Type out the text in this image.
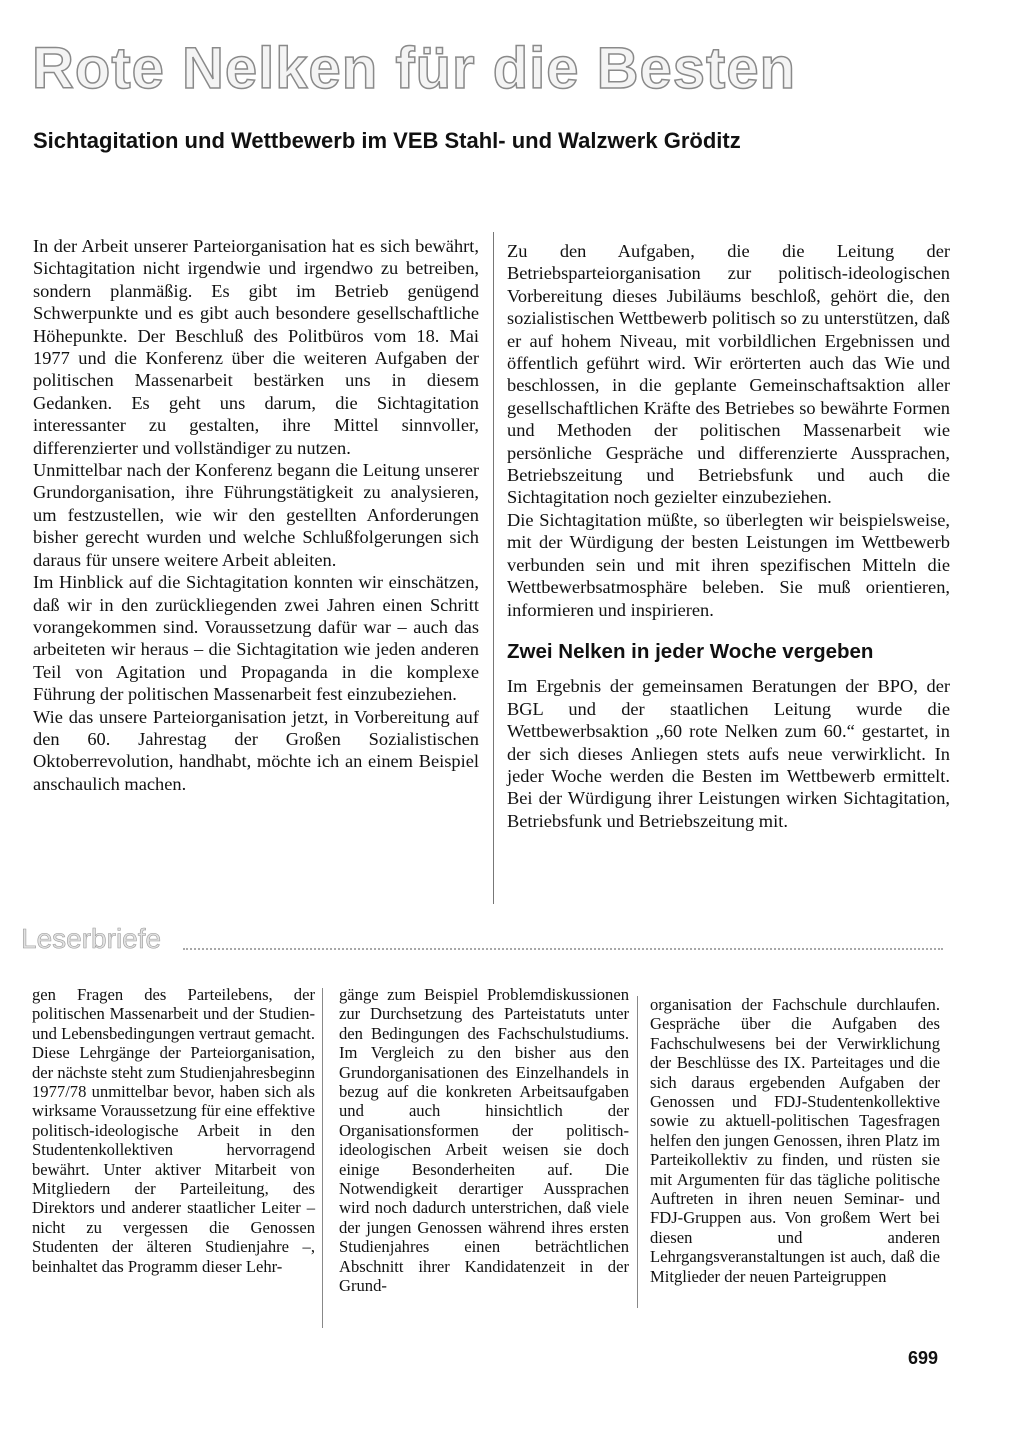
Rote Nelken für die Besten
Sichtagitation und Wettbewerb im VEB Stahl- und Walzwerk Gröditz

In der Arbeit unserer Parteiorganisation hat es sich bewährt, Sichtagitation nicht irgendwie und irgendwo zu betreiben, sondern planmäßig. Es gibt im Betrieb genügend Schwerpunkte und es gibt auch besondere gesellschaftliche Höhepunkte. Der Beschluß des Politbüros vom 18. Mai 1977 und die Konferenz über die weiteren Aufgaben der politischen Massenarbeit bestärken uns in diesem Gedanken. Es geht uns darum, die Sichtagitation interessanter zu gestalten, ihre Mittel sinnvoller, differenzierter und vollständiger zu nutzen.

Unmittelbar nach der Konferenz begann die Leitung unserer Grundorganisation, ihre Führungstätigkeit zu analysieren, um festzustellen, wie wir den gestellten Anforderungen bisher gerecht wurden und welche Schlußfolgerungen sich daraus für unsere weitere Arbeit ableiten.

Im Hinblick auf die Sichtagitation konnten wir einschätzen, daß wir in den zurückliegenden zwei Jahren einen Schritt vorangekommen sind. Voraussetzung dafür war – auch das arbeiteten wir heraus – die Sichtagitation wie jeden anderen Teil von Agitation und Propaganda in die komplexe Führung der politischen Massenarbeit fest einzubeziehen.

Wie das unsere Parteiorganisation jetzt, in Vorbereitung auf den 60. Jahrestag der Großen Sozialistischen Oktoberrevolution, handhabt, möchte ich an einem Beispiel anschaulich machen.

Zu den Aufgaben, die die Leitung der Betriebsparteiorganisation zur politisch-ideologischen Vorbereitung dieses Jubiläums beschloß, gehört die, den sozialistischen Wettbewerb politisch so zu unterstützen, daß er auf hohem Niveau, mit vorbildlichen Ergebnissen und öffentlich geführt wird. Wir erörterten auch das Wie und beschlossen, in die geplante Gemeinschaftsaktion aller gesellschaftlichen Kräfte des Betriebes so bewährte Formen und Methoden der politischen Massenarbeit wie persönliche Gespräche und differenzierte Aussprachen, Betriebszeitung und Betriebsfunk und auch die Sichtagitation noch gezielter einzubeziehen.

Die Sichtagitation müßte, so überlegten wir beispielsweise, mit der Würdigung der besten Leistungen im Wettbewerb verbunden sein und mit ihren spezifischen Mitteln die Wettbewerbsatmosphäre beleben. Sie muß orientieren, informieren und inspirieren.

Zwei Nelken in jeder Woche vergeben

Im Ergebnis der gemeinsamen Beratungen der BPO, der BGL und der staatlichen Leitung wurde die Wettbewerbsaktion „60 rote Nelken zum 60.“ gestartet, in der sich dieses Anliegen stets aufs neue verwirklicht. In jeder Woche werden die Besten im Wettbewerb ermittelt. Bei der Würdigung ihrer Leistungen wirken Sichtagitation, Betriebsfunk und Betriebszeitung mit.

Leserbriefe

gen Fragen des Parteilebens, der politischen Massenarbeit und der Studien- und Lebensbedingungen vertraut gemacht. Diese Lehrgänge der Parteiorganisation, der nächste steht zum Studienjahresbeginn 1977/78 unmittelbar bevor, haben sich als wirksame Voraussetzung für eine effektive politisch-ideologische Arbeit in den Studentenkollektiven hervorragend bewährt. Unter aktiver Mitarbeit von Mitgliedern der Parteileitung, des Direktors und anderer staatlicher Leiter – nicht zu vergessen die Genossen Studenten der älteren Studienjahre –, beinhaltet das Programm dieser Lehr-

gänge zum Beispiel Problemdiskussionen zur Durchsetzung des Parteistatuts unter den Bedingungen des Fachschulstudiums. Im Vergleich zu den bisher aus den Grundorganisationen des Einzelhandels in bezug auf die konkreten Arbeitsaufgaben und auch hinsichtlich der Organisationsformen der politisch-ideologischen Arbeit weisen sie doch einige Besonderheiten auf. Die Notwendigkeit derartiger Aussprachen wird noch dadurch unterstrichen, daß viele der jungen Genossen während ihres ersten Studienjahres einen beträchtlichen Abschnitt ihrer Kandidatenzeit in der Grund-

organisation der Fachschule durchlaufen. Gespräche über die Aufgaben des Fachschulwesens bei der Verwirklichung der Beschlüsse des IX. Parteitages und die sich daraus ergebenden Aufgaben der Genossen und FDJ-Studentenkollektive sowie zu aktuell-politischen Tagesfragen helfen den jungen Genossen, ihren Platz im Parteikollektiv zu finden, und rüsten sie mit Argumenten für das tägliche politische Auftreten in ihren neuen Seminar- und FDJ-Gruppen aus. Von großem Wert bei diesen und anderen Lehrgangsveranstaltungen ist auch, daß die Mitglieder der neuen Parteigruppen

699
